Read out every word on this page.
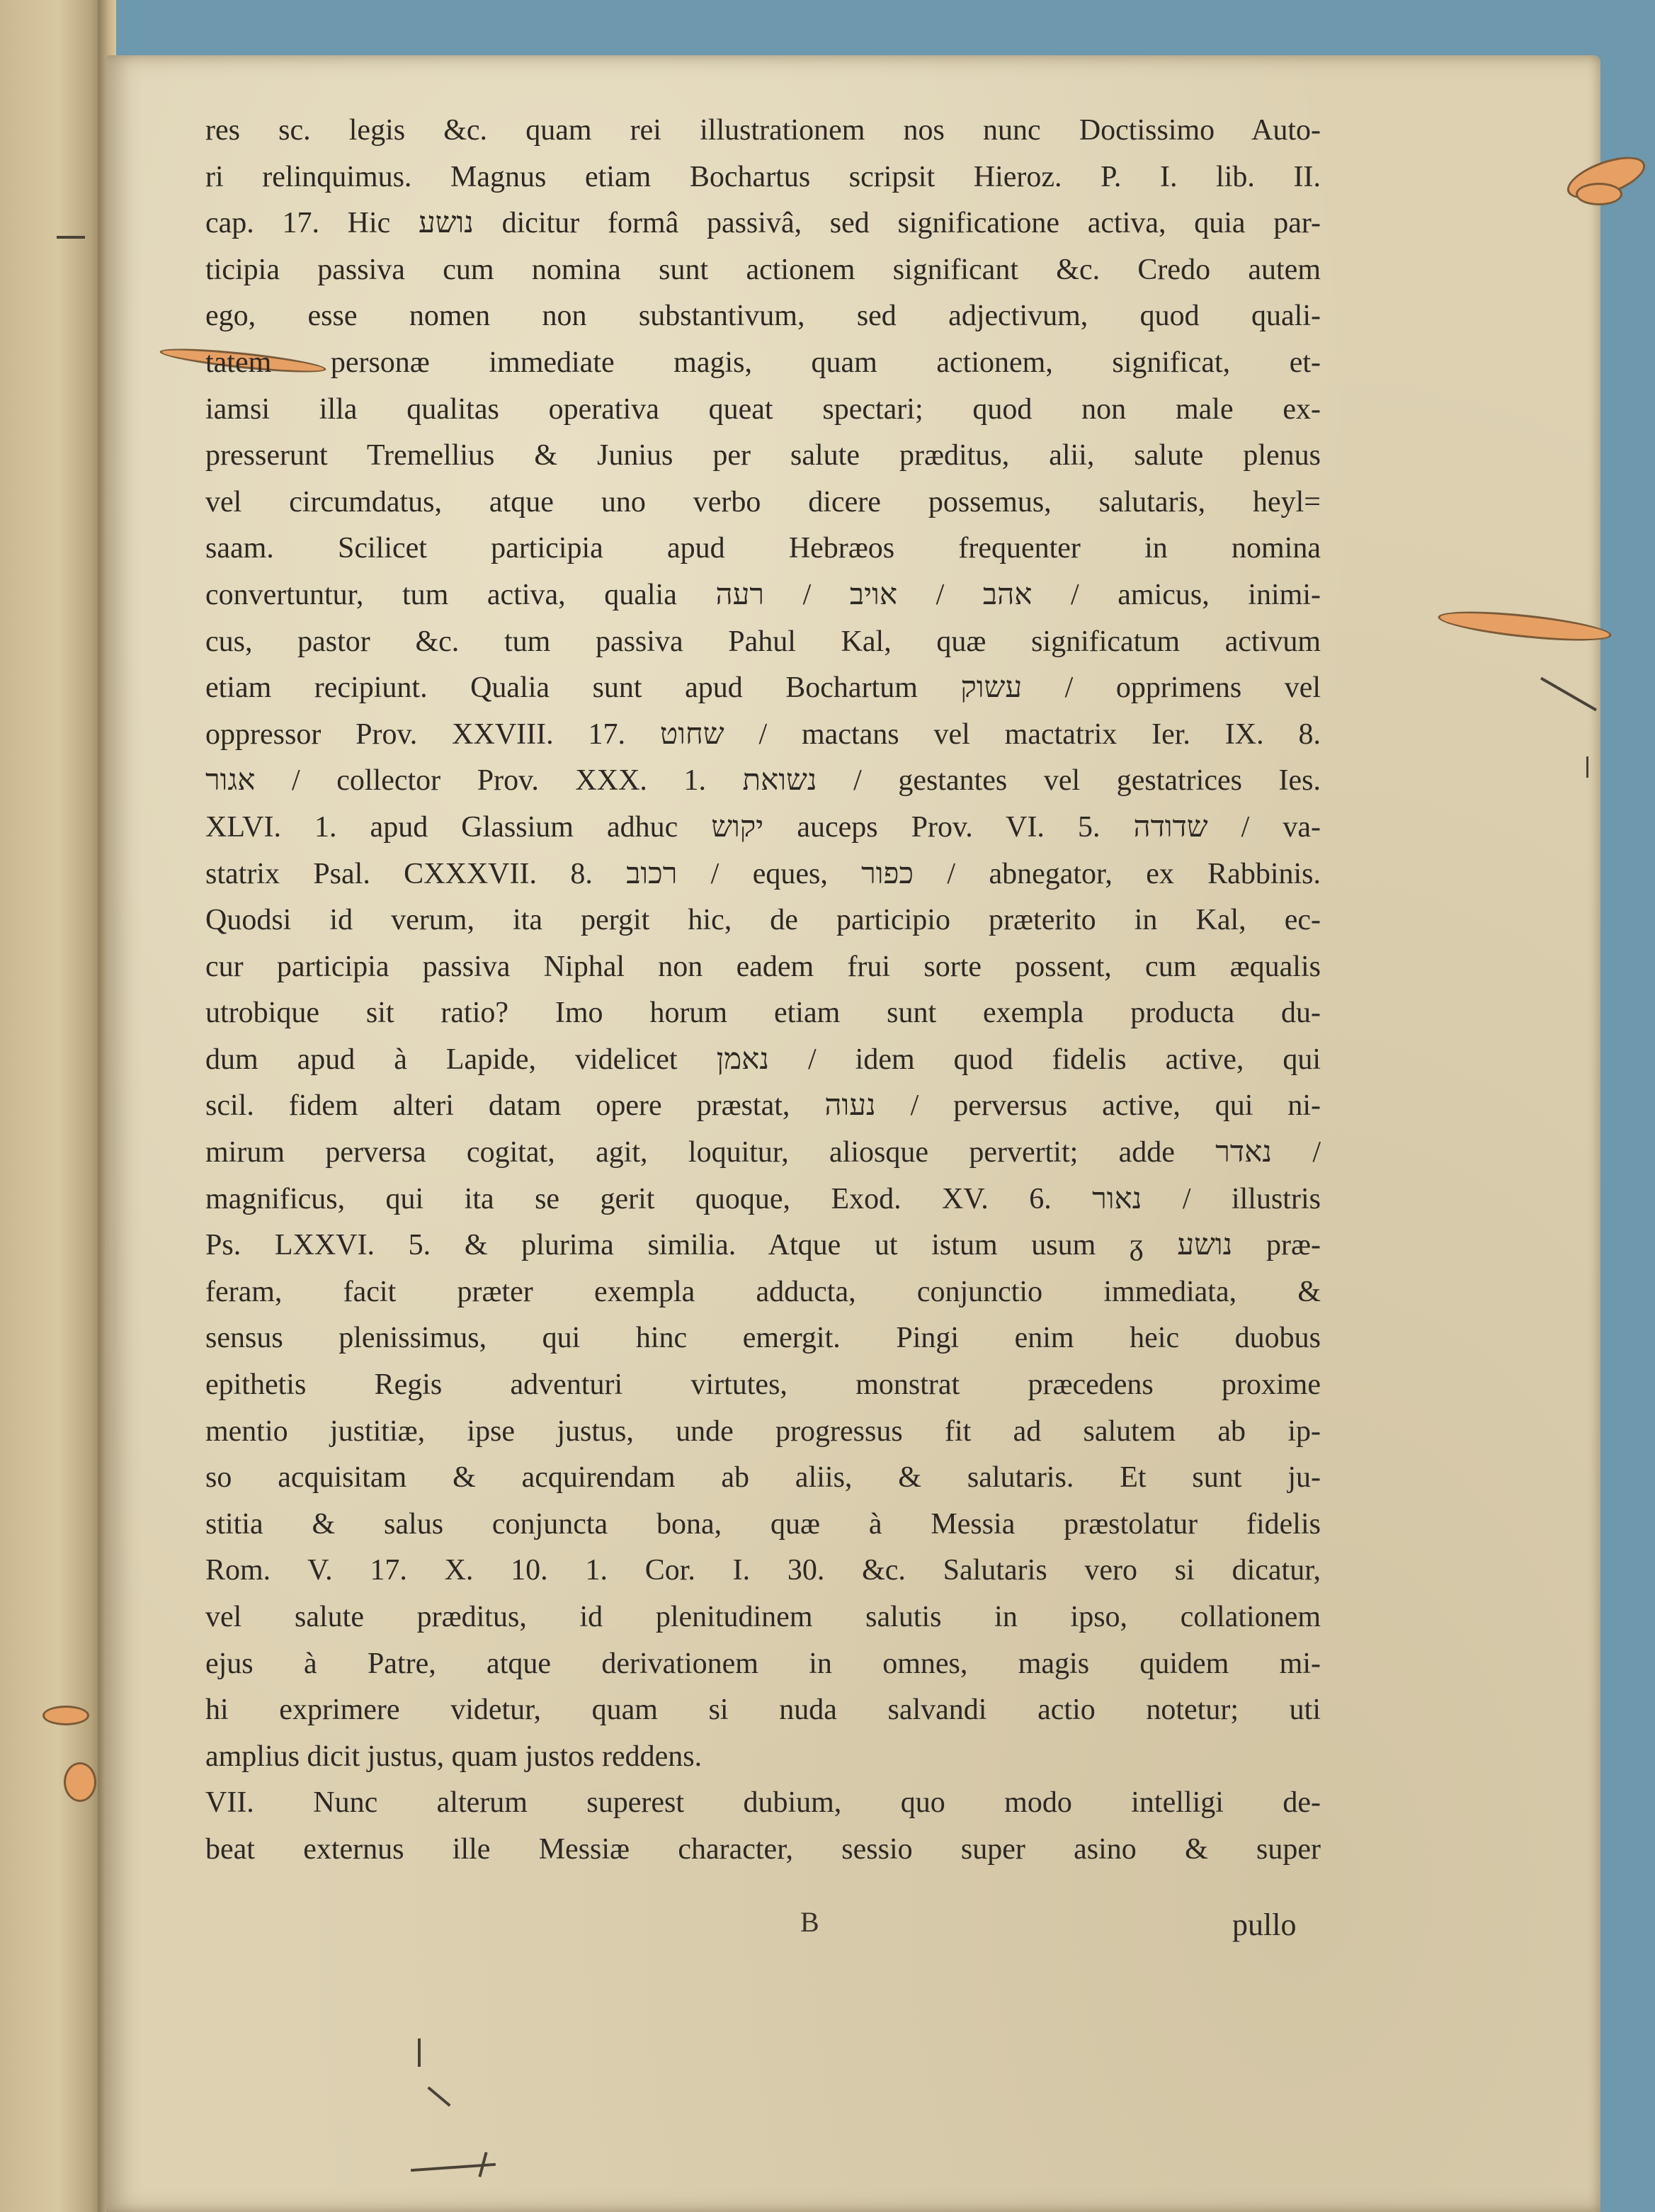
res sc. legis &c. quam rei illustrationem nos nunc Doctissimo Auto-
ri relinquimus. Magnus etiam Bochartus scripsit Hieroz. P. I. lib. II.
cap. 17. Hic נושע dicitur formâ passivâ, sed significatione activa, quia par-
ticipia passiva cum nomina sunt actionem significant &c. Credo autem
ego, esse nomen non substantivum, sed adjectivum, quod quali-
tatem personæ immediate magis, quam actionem, significat, et-
iamsi illa qualitas operativa queat spectari; quod non male ex-
presserunt Tremellius & Junius per salute præditus, alii, salute plenus
vel circumdatus, atque uno verbo dicere possemus, salutaris, heyl=
saam. Scilicet participia apud Hebræos frequenter in nomina
convertuntur, tum activa, qualia אהב / אויב / רעה / amicus, inimi-
cus, pastor &c. tum passiva Pahul Kal, quæ significatum activum
etiam recipiunt. Qualia sunt apud Bochartum עשוק / opprimens vel
oppressor Prov. XXVIII. 17. שחוט / mactans vel mactatrix Ier. IX. 8.
אגור / collector Prov. XXX. 1. נשואת / gestantes vel gestatrices Ies.
XLVI. 1. apud Glassium adhuc יקוש auceps Prov. VI. 5. שדודה / va-
statrix Psal. CXXXVII. 8. רכוב / eques, כפור / abnegator, ex Rabbinis.
Quodsi id verum, ita pergit hic, de participio præterito in Kal, ec-
cur participia passiva Niphal non eadem frui sorte possent, cum æqualis
utrobique sit ratio? Imo horum etiam sunt exempla producta du-
dum apud à Lapide, videlicet נאמן / idem quod fidelis active, qui
scil. fidem alteri datam opere præstat, נעוה / perversus active, qui ni-
mirum perversa cogitat, agit, loquitur, aliosque pervertit; adde נאדר /
magnificus, qui ita se gerit quoque, Exod. XV. 6. נאור / illustris
Ps. LXXVI. 5. & plurima similia. Atque ut istum usum ᵹ נושע præ-
feram, facit præter exempla adducta, conjunctio immediata, &
sensus plenissimus, qui hinc emergit. Pingi enim heic duobus
epithetis Regis adventuri virtutes, monstrat præcedens proxime
mentio justitiæ, ipse justus, unde progressus fit ad salutem ab ip-
so acquisitam & acquirendam ab aliis, & salutaris. Et sunt ju-
stitia & salus conjuncta bona, quæ à Messia præstolatur fidelis
Rom. V. 17. X. 10. 1. Cor. I. 30. &c. Salutaris vero si dicatur,
vel salute præditus, id plenitudinem salutis in ipso, collationem
ejus à Patre, atque derivationem in omnes, magis quidem mi-
hi exprimere videtur, quam si nuda salvandi actio notetur; uti
amplius dicit justus, quam justos reddens.
VII. Nunc alterum superest dubium, quo modo intelligi de-
beat externus ille Messiæ character, sessio super asino & super
B	pullo
